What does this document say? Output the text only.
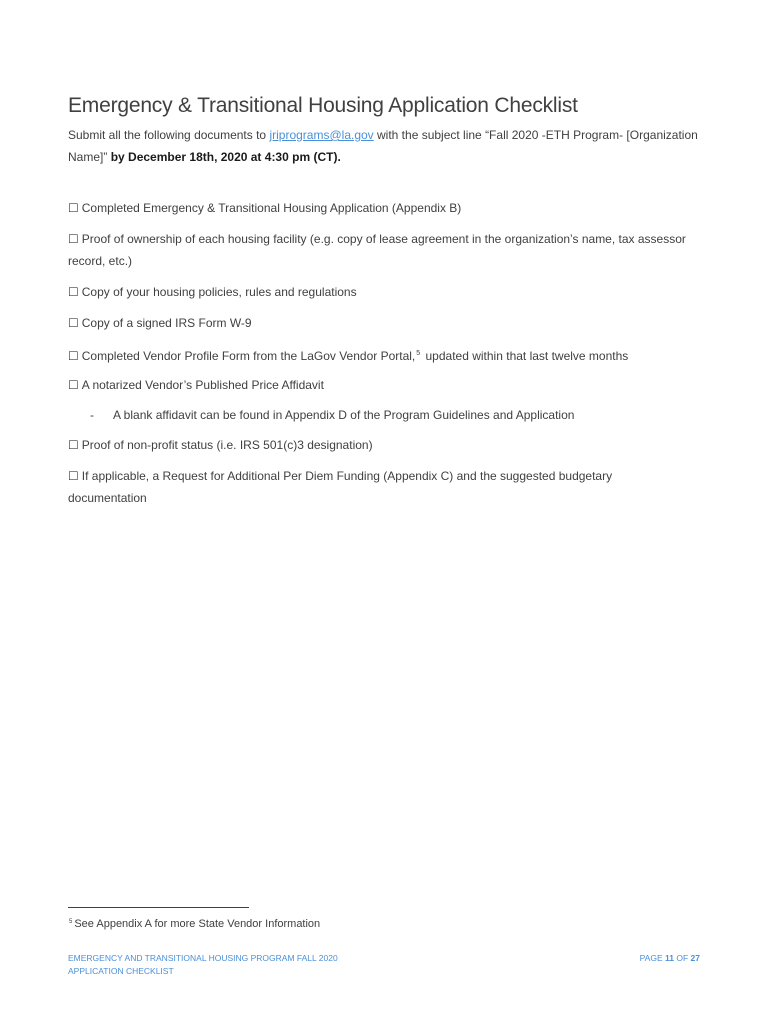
Emergency & Transitional Housing Application Checklist
Submit all the following documents to jriprograms@la.gov with the subject line “Fall 2020 -ETH Program- [Organization Name]” by December 18th, 2020 at 4:30 pm (CT).
☐ Completed Emergency & Transitional Housing Application (Appendix B)
☐ Proof of ownership of each housing facility (e.g. copy of lease agreement in the organization’s name, tax assessor record, etc.)
☐ Copy of your housing policies, rules and regulations
☐ Copy of a signed IRS Form W-9
☐ Completed Vendor Profile Form from the LaGov Vendor Portal,$^5$ updated within that last twelve months
☐ A notarized Vendor’s Published Price Affidavit
- A blank affidavit can be found in Appendix D of the Program Guidelines and Application
☐ Proof of non-profit status (i.e. IRS 501(c)3 designation)
☐ If applicable, a Request for Additional Per Diem Funding (Appendix C) and the suggested budgetary documentation
$^5$ See Appendix A for more State Vendor Information
EMERGENCY AND TRANSITIONAL HOUSING PROGRAM FALL 2020
APPLICATION CHECKLIST
PAGE 11 OF 27
